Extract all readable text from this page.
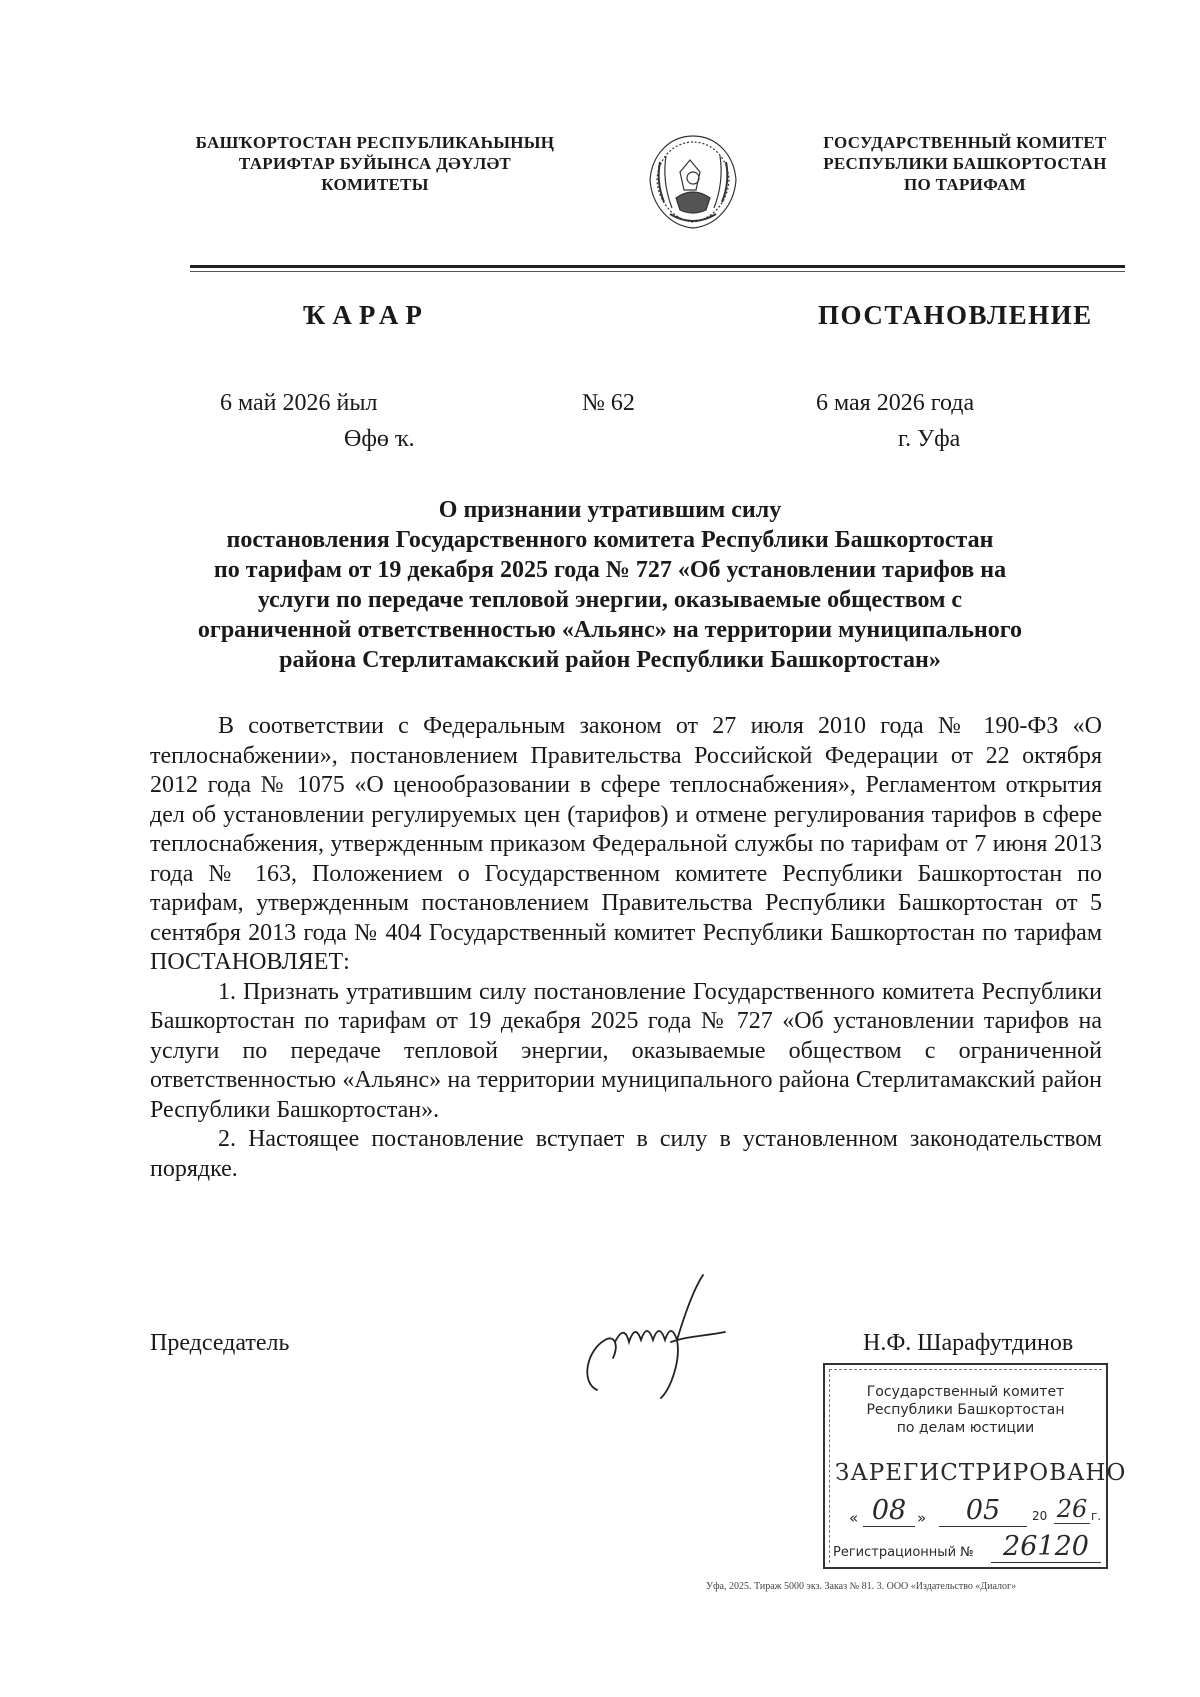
БАШҠОРТОСТАН РЕСПУБЛИКАҺЫНЫҢ
ТАРИФТАР БУЙЫНСА ДӘҮЛӘТ
КОМИТЕТЫ
ГОСУДАРСТВЕННЫЙ КОМИТЕТ
РЕСПУБЛИКИ БАШКОРТОСТАН
ПО ТАРИФАМ
ҠАРАР	ПОСТАНОВЛЕНИЕ
6 май 2026 йыл	№ 62	6 мая 2026 года
Өфө ҡ.	г. Уфа
О признании утратившим силу
постановления Государственного комитета Республики Башкортостан
по тарифам от 19 декабря 2025 года № 727 «Об установлении тарифов на
услуги по передаче тепловой энергии, оказываемые обществом с
ограниченной ответственностью «Альянс» на территории муниципального
района Стерлитамакский район Республики Башкортостан»

В соответствии с Федеральным законом от 27 июля 2010 года № 190-ФЗ «О теплоснабжении», постановлением Правительства Российской Федерации от 22 октября 2012 года № 1075 «О ценообразовании в сфере теплоснабжения», Регламентом открытия дел об установлении регулируемых цен (тарифов) и отмене регулирования тарифов в сфере теплоснабжения, утвержденным приказом Федеральной службы по тарифам от 7 июня 2013 года № 163, Положением о Государственном комитете Республики Башкортостан по тарифам, утвержденным постановлением Правительства Республики Башкортостан от 5 сентября 2013 года № 404 Государственный комитет Республики Башкортостан по тарифам ПОСТАНОВЛЯЕТ:

1. Признать утратившим силу постановление Государственного комитета Республики Башкортостан по тарифам от 19 декабря 2025 года № 727 «Об установлении тарифов на услуги по передаче тепловой энергии, оказываемые обществом с ограниченной ответственностью «Альянс» на территории муниципального района Стерлитамакский район Республики Башкортостан».

2. Настоящее постановление вступает в силу в установленном законодательством порядке.

Председатель	Н.Ф. Шарафутдинов
Государственный комитет
Республики Башкортостан
по делам юстиции
ЗАРЕГИСТРИРОВАНО
« 08 »	05	20 26 г.
Регистрационный №	26120
Уфа, 2025. Тираж 5000 экз. Заказ № 81. 3. ООО «Издательство «Диалог»
